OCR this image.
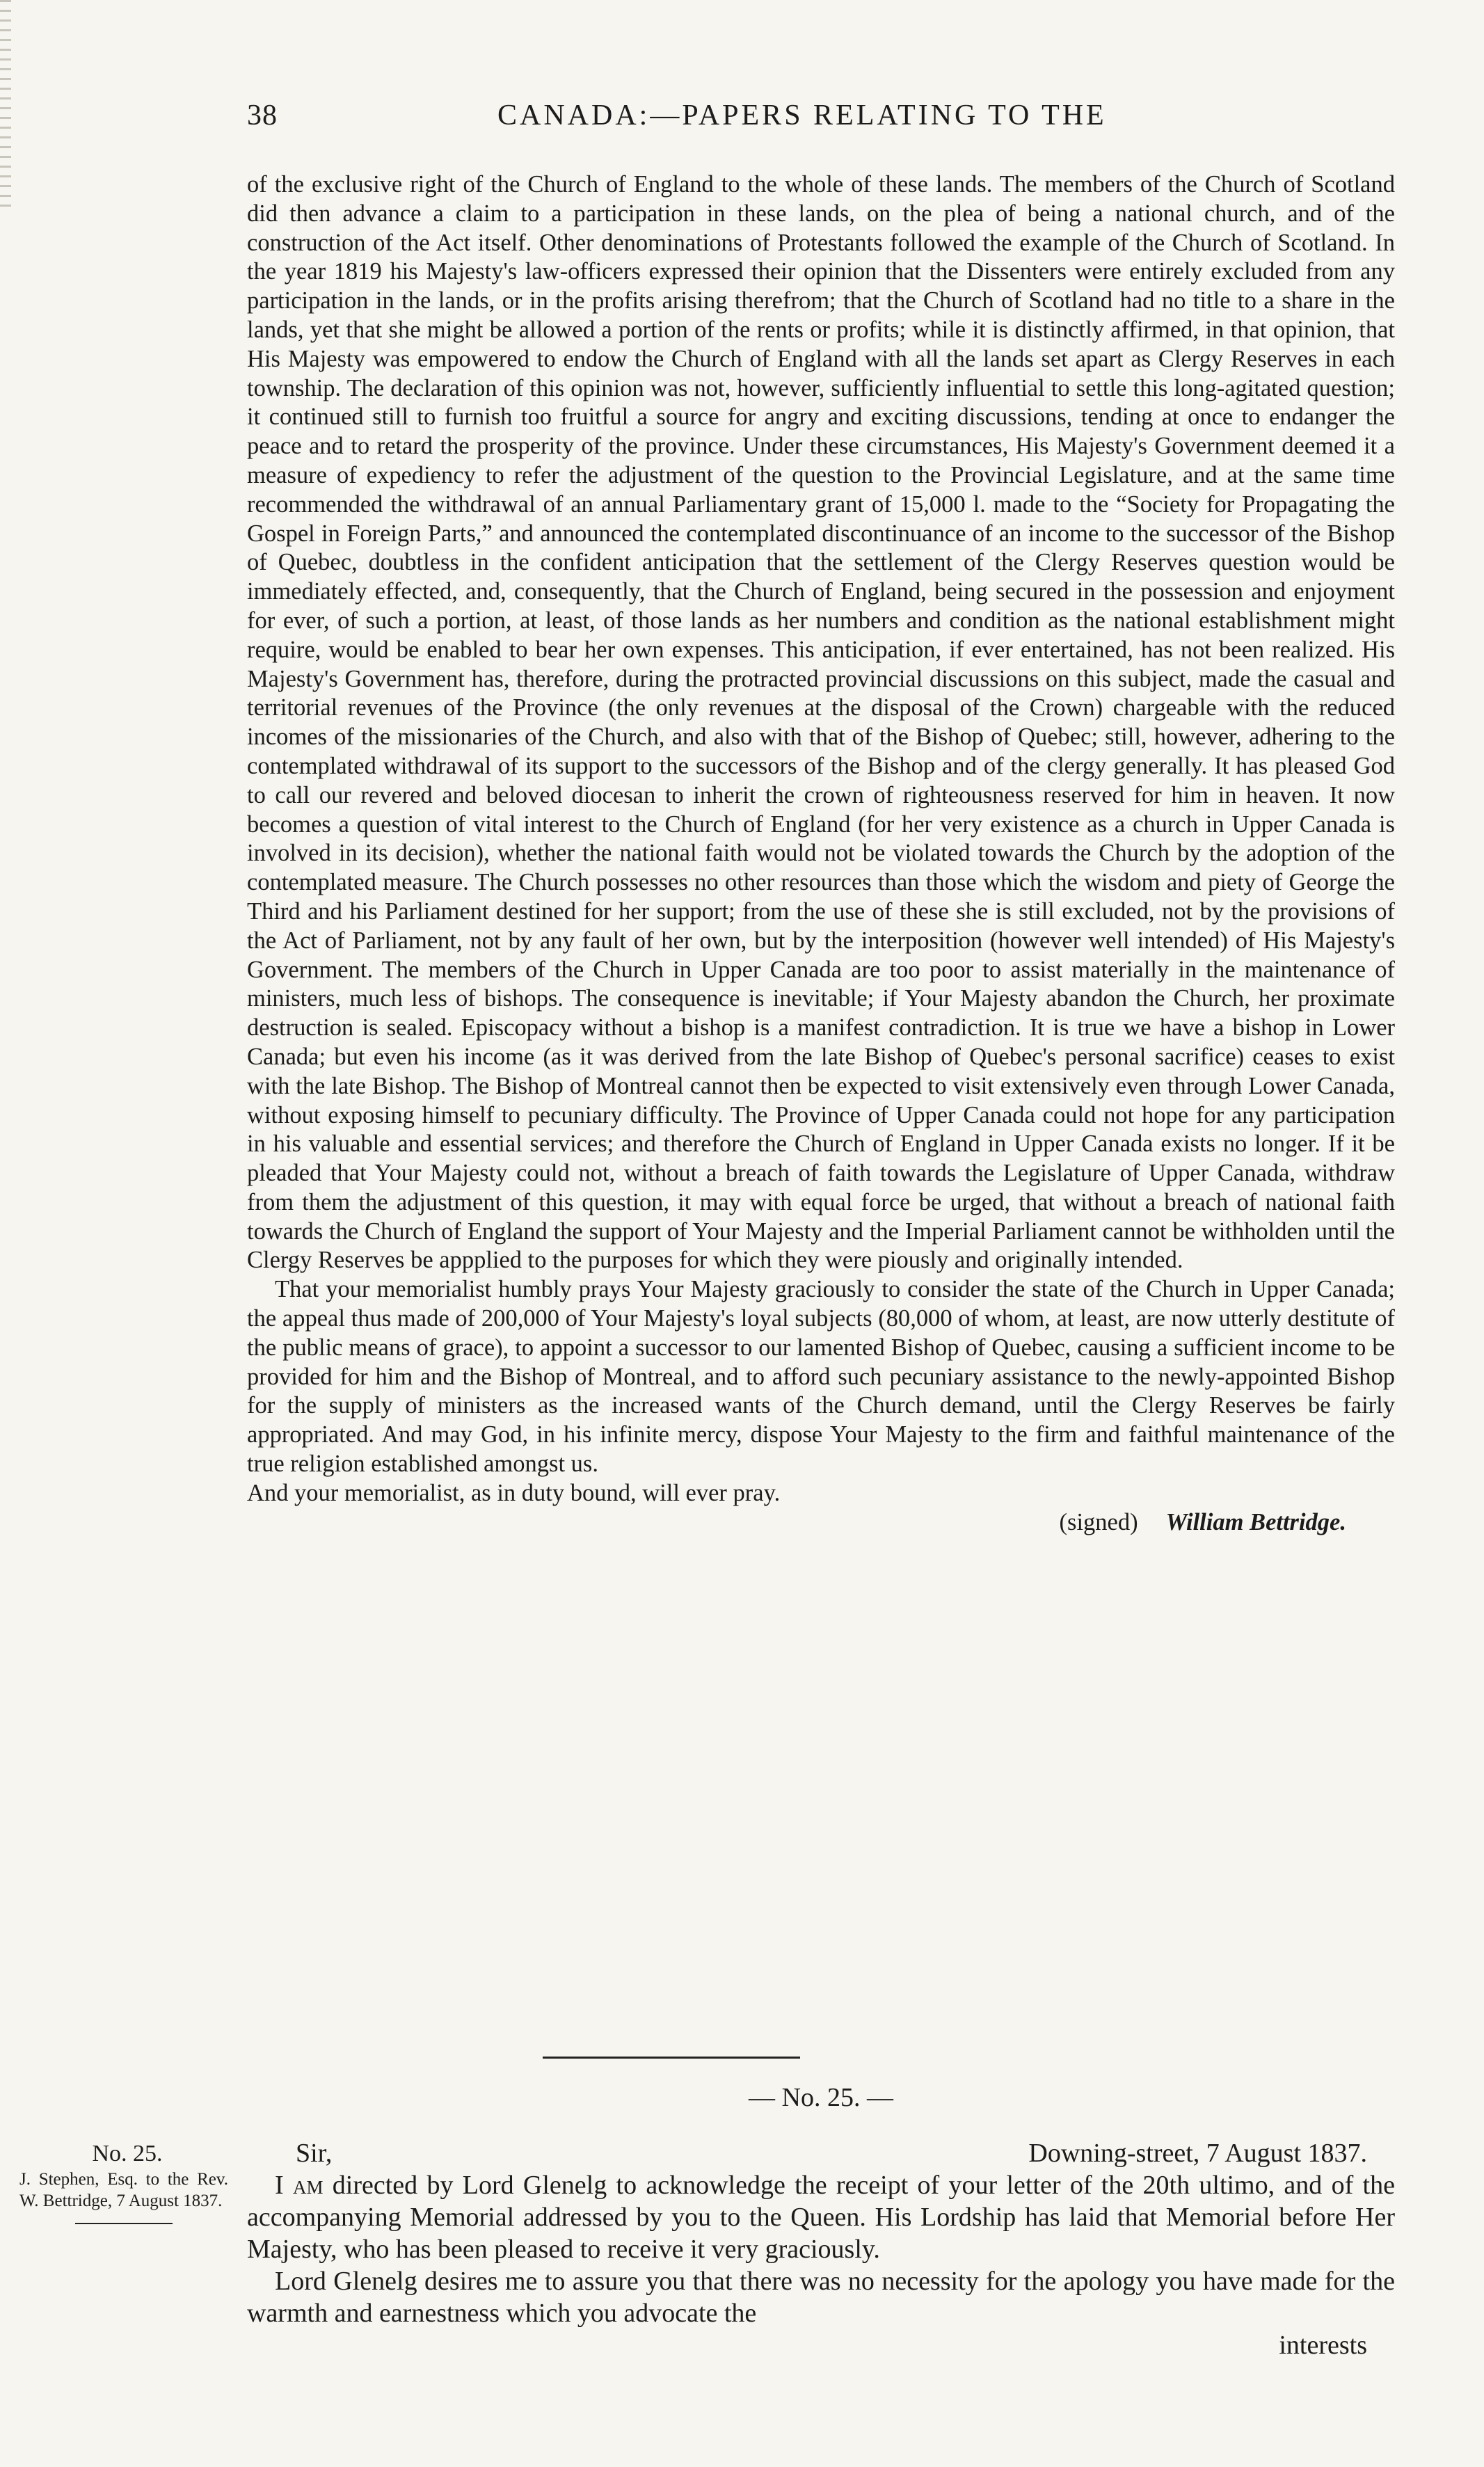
38	CANADA:—PAPERS RELATING TO THE

of the exclusive right of the Church of England to the whole of these lands. The members of the Church of Scotland did then advance a claim to a participation in these lands, on the plea of being a national church, and of the construction of the Act itself. Other denominations of Protestants followed the example of the Church of Scotland. In the year 1819 his Majesty's law-officers expressed their opinion that the Dissenters were entirely excluded from any participation in the lands, or in the profits arising therefrom; that the Church of Scotland had no title to a share in the lands, yet that she might be allowed a portion of the rents or profits; while it is distinctly affirmed, in that opinion, that His Majesty was empowered to endow the Church of England with all the lands set apart as Clergy Reserves in each township. The declaration of this opinion was not, however, sufficiently influential to settle this long-agitated question; it continued still to furnish too fruitful a source for angry and exciting discussions, tending at once to endanger the peace and to retard the prosperity of the province. Under these circumstances, His Majesty's Government deemed it a measure of expediency to refer the adjustment of the question to the Provincial Legislature, and at the same time recommended the withdrawal of an annual Parliamentary grant of 15,000 l. made to the “Society for Propagating the Gospel in Foreign Parts,” and announced the contemplated discontinuance of an income to the successor of the Bishop of Quebec, doubtless in the confident anticipation that the settlement of the Clergy Reserves question would be immediately effected, and, consequently, that the Church of England, being secured in the possession and enjoyment for ever, of such a portion, at least, of those lands as her numbers and condition as the national establishment might require, would be enabled to bear her own expenses. This anticipation, if ever entertained, has not been realized. His Majesty's Government has, therefore, during the protracted provincial discussions on this subject, made the casual and territorial revenues of the Province (the only revenues at the disposal of the Crown) chargeable with the reduced incomes of the missionaries of the Church, and also with that of the Bishop of Quebec; still, however, adhering to the contemplated withdrawal of its support to the successors of the Bishop and of the clergy generally. It has pleased God to call our revered and beloved diocesan to inherit the crown of righteousness reserved for him in heaven. It now becomes a question of vital interest to the Church of England (for her very existence as a church in Upper Canada is involved in its decision), whether the national faith would not be violated towards the Church by the adoption of the contemplated measure. The Church possesses no other resources than those which the wisdom and piety of George the Third and his Parliament destined for her support; from the use of these she is still excluded, not by the provisions of the Act of Parliament, not by any fault of her own, but by the interposition (however well intended) of His Majesty's Government. The members of the Church in Upper Canada are too poor to assist materially in the maintenance of ministers, much less of bishops. The consequence is inevitable; if Your Majesty abandon the Church, her proximate destruction is sealed. Episcopacy without a bishop is a manifest contradiction. It is true we have a bishop in Lower Canada; but even his income (as it was derived from the late Bishop of Quebec's personal sacrifice) ceases to exist with the late Bishop. The Bishop of Montreal cannot then be expected to visit extensively even through Lower Canada, without exposing himself to pecuniary difficulty. The Province of Upper Canada could not hope for any participation in his valuable and essential services; and therefore the Church of England in Upper Canada exists no longer. If it be pleaded that Your Majesty could not, without a breach of faith towards the Legislature of Upper Canada, withdraw from them the adjustment of this question, it may with equal force be urged, that without a breach of national faith towards the Church of England the support of Your Majesty and the Imperial Parliament cannot be withholden until the Clergy Reserves be appplied to the purposes for which they were piously and originally intended.

That your memorialist humbly prays Your Majesty graciously to consider the state of the Church in Upper Canada; the appeal thus made of 200,000 of Your Majesty's loyal subjects (80,000 of whom, at least, are now utterly destitute of the public means of grace), to appoint a successor to our lamented Bishop of Quebec, causing a sufficient income to be provided for him and the Bishop of Montreal, and to afford such pecuniary assistance to the newly-appointed Bishop for the supply of ministers as the increased wants of the Church demand, until the Clergy Reserves be fairly appropriated. And may God, in his infinite mercy, dispose Your Majesty to the firm and faithful maintenance of the true religion established amongst us.

And your memorialist, as in duty bound, will ever pray.

(signed) William Bettridge.
— No. 25. —
No. 25.
J. Stephen, Esq. to the Rev. W. Bettridge, 7 August 1837.
Sir,	Downing-street, 7 August 1837.

I am directed by Lord Glenelg to acknowledge the receipt of your letter of the 20th ultimo, and of the accompanying Memorial addressed by you to the Queen. His Lordship has laid that Memorial before Her Majesty, who has been pleased to receive it very graciously.

Lord Glenelg desires me to assure you that there was no necessity for the apology you have made for the warmth and earnestness which you advocate the

interests
